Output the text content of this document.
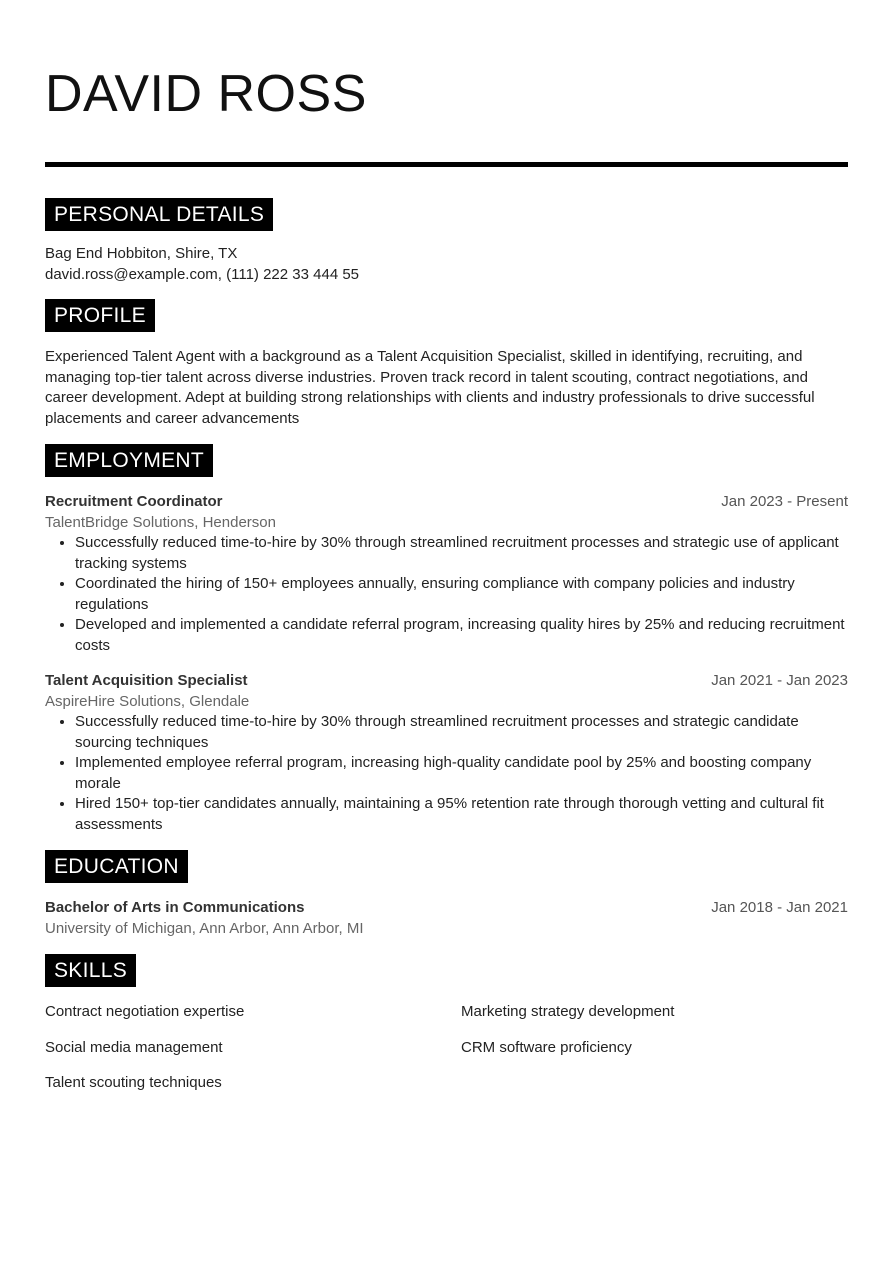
DAVID ROSS
PERSONAL DETAILS

Bag End Hobbiton, Shire, TX

david.ross@example.com, (111) 222 33 444 55

PROFILE

Experienced Talent Agent with a background as a Talent Acquisition Specialist, skilled in identifying, recruiting, and managing top-tier talent across diverse industries. Proven track record in talent scouting, contract negotiations, and career development. Adept at building strong relationships with clients and industry professionals to drive successful placements and career advancements

EMPLOYMENT
Recruitment Coordinator	Jan 2023 - Present
TalentBridge Solutions, Henderson
• Successfully reduced time-to-hire by 30% through streamlined recruitment processes and strategic use of applicant tracking systems
• Coordinated the hiring of 150+ employees annually, ensuring compliance with company policies and industry regulations
• Developed and implemented a candidate referral program, increasing quality hires by 25% and reducing recruitment costs
Talent Acquisition Specialist	Jan 2021 - Jan 2023
AspireHire Solutions, Glendale
• Successfully reduced time-to-hire by 30% through streamlined recruitment processes and strategic candidate sourcing techniques
• Implemented employee referral program, increasing high-quality candidate pool by 25% and boosting company morale
• Hired 150+ top-tier candidates annually, maintaining a 95% retention rate through thorough vetting and cultural fit assessments
EDUCATION
Bachelor of Arts in Communications	Jan 2018 - Jan 2021
University of Michigan, Ann Arbor, Ann Arbor, MI
SKILLS
Contract negotiation expertise	Marketing strategy development
Social media management	CRM software proficiency
Talent scouting techniques
